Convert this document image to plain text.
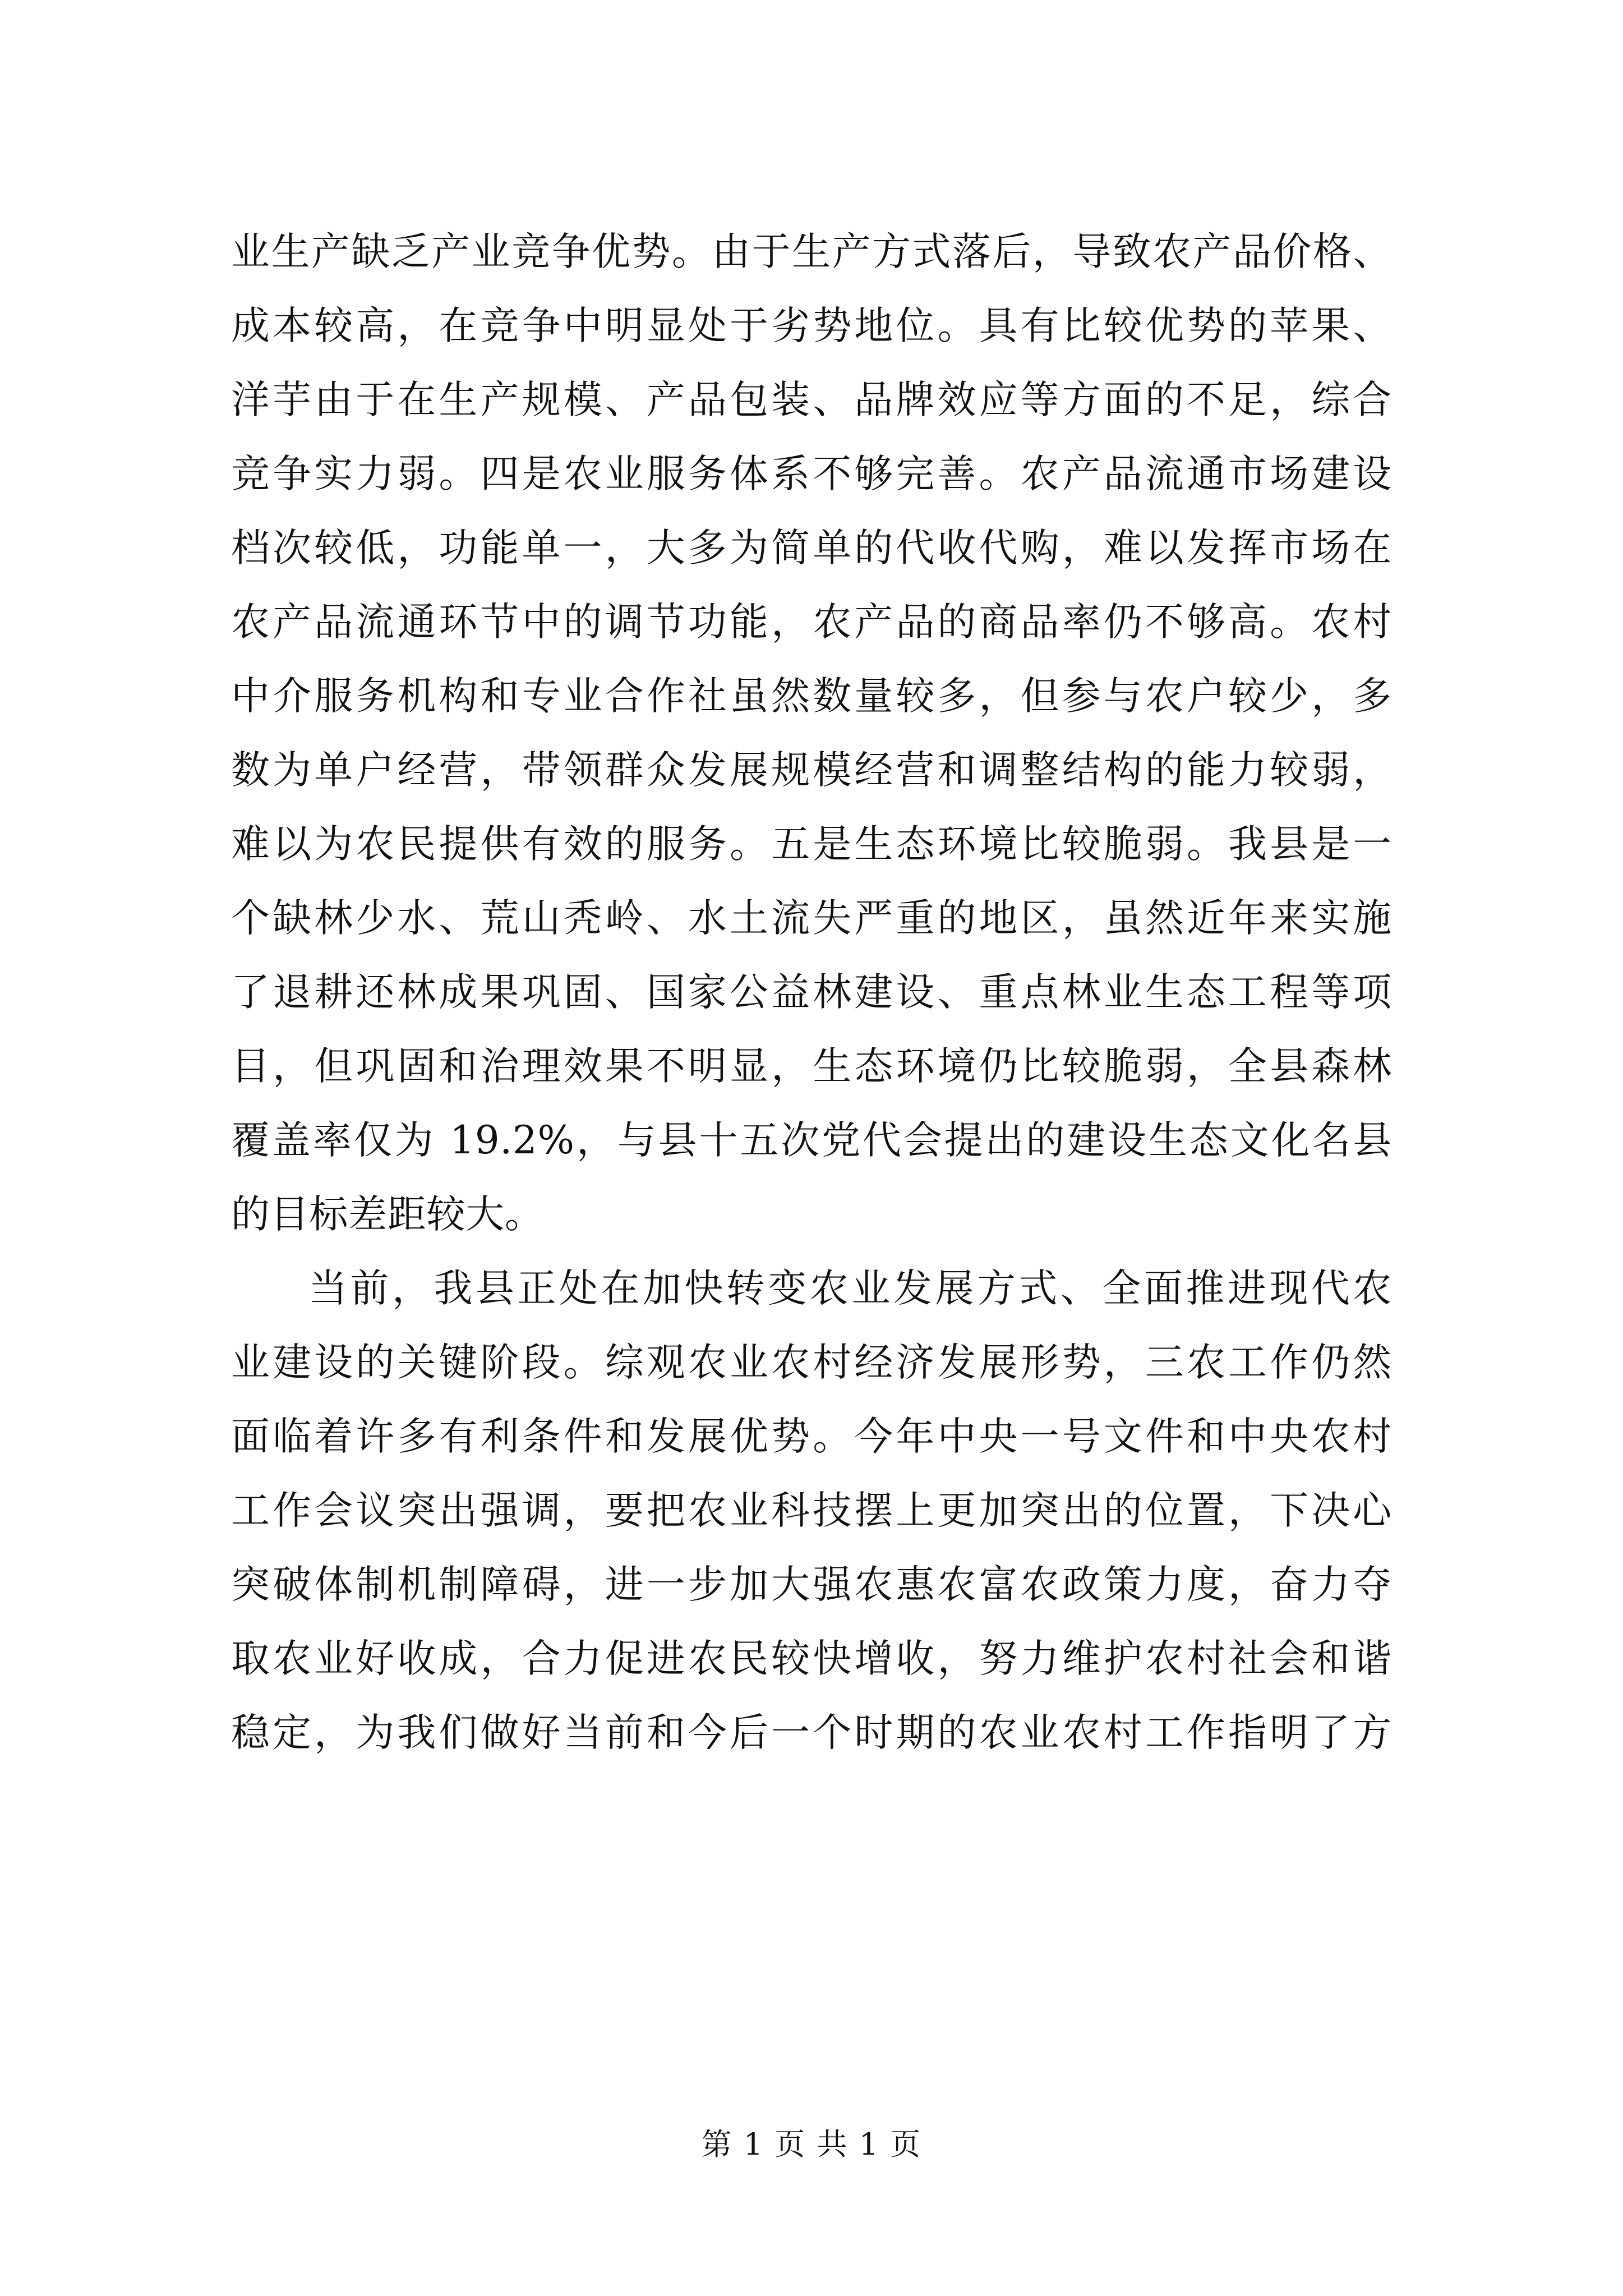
业生产缺乏产业竞争优势。由于生产方式落后，导致农产品价格、
成本较高，在竞争中明显处于劣势地位。具有比较优势的苹果、
洋芋由于在生产规模、产品包装、品牌效应等方面的不足，综合
竞争实力弱。四是农业服务体系不够完善。农产品流通市场建设
档次较低，功能单一，大多为简单的代收代购，难以发挥市场在
农产品流通环节中的调节功能，农产品的商品率仍不够高。农村
中介服务机构和专业合作社虽然数量较多，但参与农户较少，多
数为单户经营，带领群众发展规模经营和调整结构的能力较弱，
难以为农民提供有效的服务。五是生态环境比较脆弱。我县是一
个缺林少水、荒山秃岭、水土流失严重的地区，虽然近年来实施
了退耕还林成果巩固、国家公益林建设、重点林业生态工程等项
目，但巩固和治理效果不明显，生态环境仍比较脆弱，全县森林
覆盖率仅为 19.2%，与县十五次党代会提出的建设生态文化名县
的目标差距较大。
当前，我县正处在加快转变农业发展方式、全面推进现代农
业建设的关键阶段。综观农业农村经济发展形势，三农工作仍然
面临着许多有利条件和发展优势。今年中央一号文件和中央农村
工作会议突出强调，要把农业科技摆上更加突出的位置，下决心
突破体制机制障碍，进一步加大强农惠农富农政策力度，奋力夺
取农业好收成，合力促进农民较快增收，努力维护农村社会和谐
稳定，为我们做好当前和今后一个时期的农业农村工作指明了方
第 1 页 共 1 页
